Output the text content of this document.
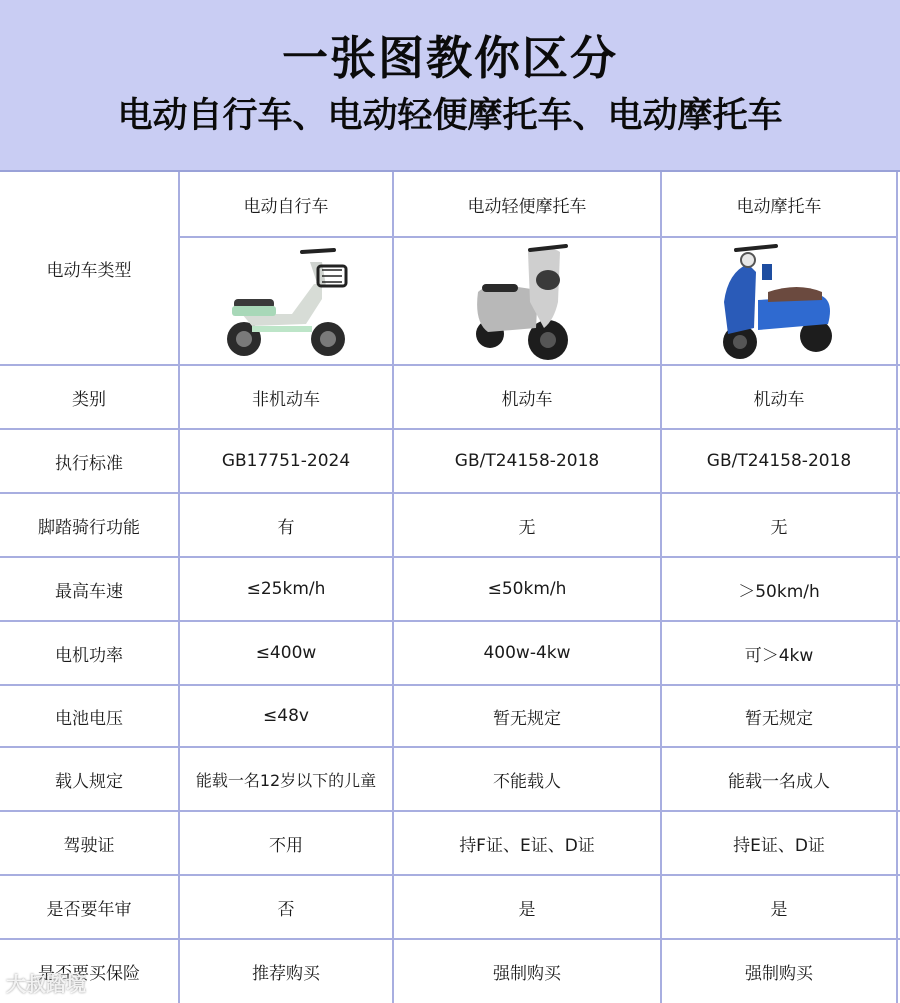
一张图教你区分
电动自行车、电动轻便摩托车、电动摩托车
电动车类型
电动自行车	电动轻便摩托车	电动摩托车
类别	非机动车	机动车	机动车
执行标准	GB17751-2024	GB/T24158-2018	GB/T24158-2018
脚踏骑行功能	有	无	无
最高车速	≤25km/h	≤50km/h	＞50km/h
电机功率	≤400w	400w-4kw	可＞4kw
电池电压	≤48v	暂无规定	暂无规定
载人规定	能载一名12岁以下的儿童	不能载人	能载一名成人
驾驶证	不用	持F证、E证、D证	持E证、D证
是否要年审	否	是	是
是否要买保险	推荐购买	强制购买	强制购买
大叔踏境
